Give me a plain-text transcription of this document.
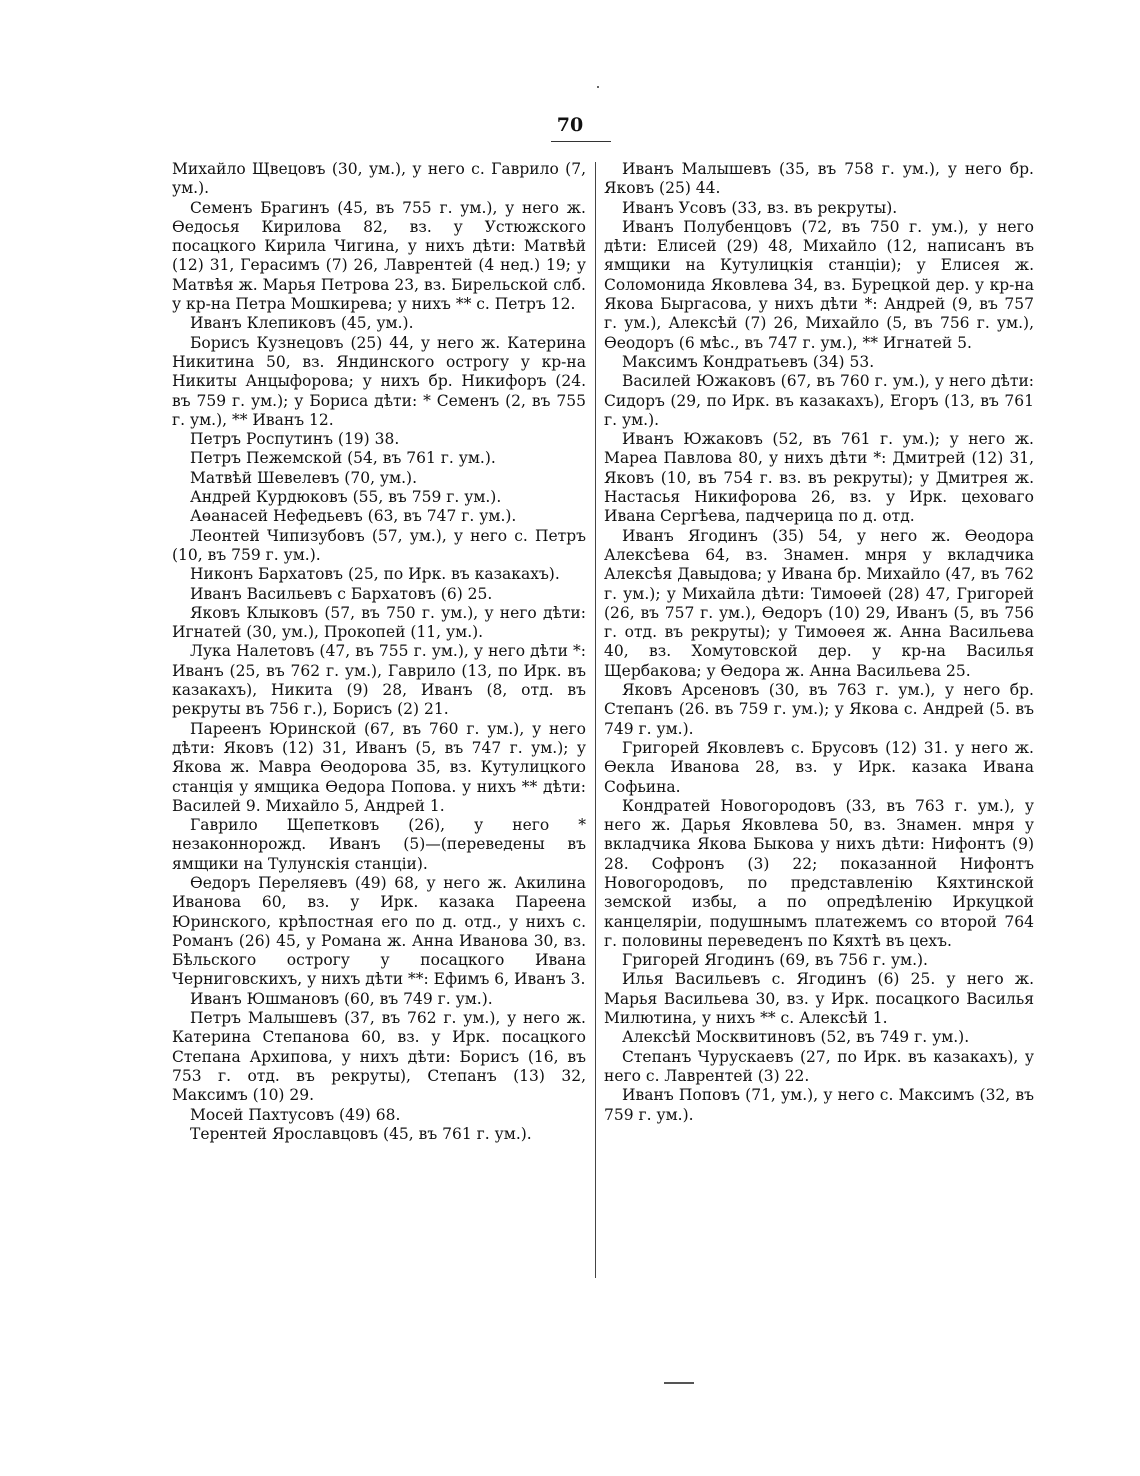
70

Михайло Щвецовъ (30, ум.), у него с. Гаврило (7, ум.).

Семенъ Брагинъ (45, въ 755 г. ум.), у него ж. Өедосья Кирилова 82, вз. у Устюжского посацкого Кирила Чигина, у нихъ дѣти: Матвѣй (12) 31, Герасимъ (7) 26, Лаврентей (4 нед.) 19; у Матвѣя ж. Марья Петрова 23, вз. Бирельской слб. у кр-на Петра Мошкирева; у нихъ ** с. Петръ 12.

Иванъ Клепиковъ (45, ум.).

Борисъ Кузнецовъ (25) 44, у него ж. Катерина Никитина 50, вз. Яндинского острогу у кр-на Никиты Анцыфорова; у нихъ бр. Никифоръ (24. въ 759 г. ум.); у Бориса дѣти: * Семенъ (2, въ 755 г. ум.), ** Иванъ 12.

Петръ Роспутинъ (19) 38.

Петръ Пежемской (54, въ 761 г. ум.).

Матвѣй Шевелевъ (70, ум.).

Андрей Курдюковъ (55, въ 759 г. ум.).

Аөанасей Нефедьевъ (63, въ 747 г. ум.).

Леонтей Чипизубовъ (57, ум.), у него с. Петръ (10, въ 759 г. ум.).

Никонъ Бархатовъ (25, по Ирк. въ казакахъ).

Иванъ Васильевъ с Бархатовъ (6) 25.

Яковъ Клыковъ (57, въ 750 г. ум.), у него дѣти: Игнатей (30, ум.), Прокопей (11, ум.).

Лука Налетовъ (47, въ 755 г. ум.), у него дѣти *: Иванъ (25, въ 762 г. ум.), Гаврило (13, по Ирк. въ казакахъ), Никита (9) 28, Иванъ (8, отд. въ рекруты въ 756 г.), Борисъ (2) 21.

Пареенъ Юринской (67, въ 760 г. ум.), у него дѣти: Яковъ (12) 31, Иванъ (5, въ 747 г. ум.); у Якова ж. Мавра Өеодорова 35, вз. Кутулицкого станція у ямщика Өедора Попова. у нихъ ** дѣти: Василей 9. Михайло 5, Андрей 1.

Гаврило Щепетковъ (26), у него * незаконнорожд. Иванъ (5)—(переведены въ ямщики на Тулунскія станціи).

Өедоръ Переляевъ (49) 68, у него ж. Акилина Иванова 60, вз. у Ирк. казака Пареена Юринского, крѣпостная его по д. отд., у нихъ с. Романъ (26) 45, у Романа ж. Анна Иванова 30, вз. Бѣльского острогу у посацкого Ивана Черниговскихъ, у нихъ дѣти **: Ефимъ 6, Иванъ 3.

Иванъ Юшмановъ (60, въ 749 г. ум.).

Петръ Малышевъ (37, въ 762 г. ум.), у него ж. Катерина Степанова 60, вз. у Ирк. посацкого Степана Архипова, у нихъ дѣти: Борисъ (16, въ 753 г. отд. въ рекруты), Степанъ (13) 32, Максимъ (10) 29.

Мосей Пахтусовъ (49) 68.

Терентей Ярославцовъ (45, въ 761 г. ум.).

Иванъ Малышевъ (35, въ 758 г. ум.), у него бр. Яковъ (25) 44.

Иванъ Усовъ (33, вз. въ рекруты).

Иванъ Полубенцовъ (72, въ 750 г. ум.), у него дѣти: Елисей (29) 48, Михайло (12, написанъ въ ямщики на Кутулицкія станціи); у Елисея ж. Соломонида Яковлева 34, вз. Бурецкой дер. у кр-на Якова Быргасова, у нихъ дѣти *: Андрей (9, въ 757 г. ум.), Алексѣй (7) 26, Михайло (5, въ 756 г. ум.), Өеодоръ (6 мѣс., въ 747 г. ум.), ** Игнатей 5.

Максимъ Кондратьевъ (34) 53.

Василей Южаковъ (67, въ 760 г. ум.), у него дѣти: Сидоръ (29, по Ирк. въ казакахъ), Егоръ (13, въ 761 г. ум.).

Иванъ Южаковъ (52, въ 761 г. ум.); у него ж. Мареа Павлова 80, у нихъ дѣти *: Дмитрей (12) 31, Яковъ (10, въ 754 г. вз. въ рекруты); у Дмитрея ж. Настасья Никифорова 26, вз. у Ирк. цеховаго Ивана Сергѣева, падчерица по д. отд.

Иванъ Ягодинъ (35) 54, у него ж. Өеодора Алексѣева 64, вз. Знамен. мнря у вкладчика Алексѣя Давыдова; у Ивана бр. Михайло (47, въ 762 г. ум.); у Михайла дѣти: Тимоөей (28) 47, Григорей (26, въ 757 г. ум.), Өедоръ (10) 29, Иванъ (5, въ 756 г. отд. въ рекруты); у Тимоөея ж. Анна Васильева 40, вз. Хомутовской дер. у кр-на Василья Щербакова; у Өедора ж. Анна Васильева 25.

Яковъ Арсеновъ (30, въ 763 г. ум.), у него бр. Степанъ (26. въ 759 г. ум.); у Якова с. Андрей (5. въ 749 г. ум.).

Григорей Яковлевъ с. Брусовъ (12) 31. у него ж. Өекла Иванова 28, вз. у Ирк. казака Ивана Софьина.

Кондратей Новогородовъ (33, въ 763 г. ум.), у него ж. Дарья Яковлева 50, вз. Знамен. мнря у вкладчика Якова Быкова у нихъ дѣти: Нифонтъ (9) 28. Софронъ (3) 22; показанной Нифонтъ Новогородовъ, по представленію Кяхтинской земской избы, а по опредѣленію Иркуцкой канцеляріи, подушнымъ платежемъ со второй 764 г. половины переведенъ по Кяхтѣ въ цехъ.

Григорей Ягодинъ (69, въ 756 г. ум.).

Илья Васильевъ с. Ягодинъ (6) 25. у него ж. Марья Васильева 30, вз. у Ирк. посацкого Василья Милютина, у нихъ ** с. Алексѣй 1.

Алексѣй Москвитиновъ (52, въ 749 г. ум.).

Степанъ Чурускаевъ (27, по Ирк. въ казакахъ), у него с. Лаврентей (3) 22.

Иванъ Поповъ (71, ум.), у него с. Максимъ (32, въ 759 г. ум.).
